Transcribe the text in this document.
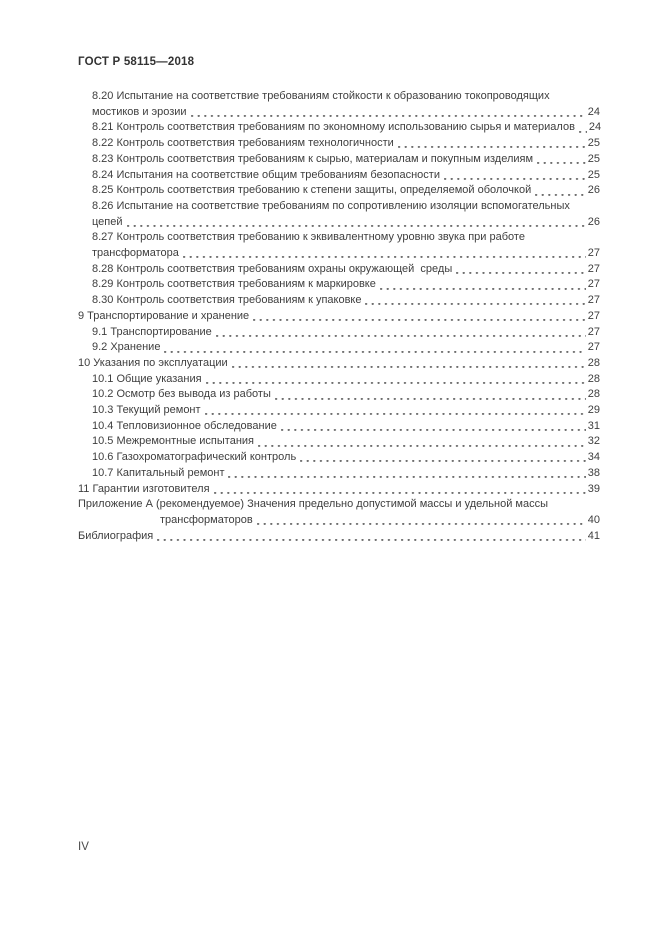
ГОСТ Р 58115—2018
8.20 Испытание на соответствие требованиям стойкости к образованию токопроводящих
мостиков и эрозии	24
8.21 Контроль соответствия требованиям по экономному использованию сырья и материалов 24
8.22 Контроль соответствия требованиям технологичности	25
8.23 Контроль соответствия требованиям к сырью, материалам и покупным изделиям	25
8.24 Испытания на соответствие общим требованиям безопасности	25
8.25 Контроль соответствия требованию к степени защиты, определяемой оболочкой	26
8.26 Испытание на соответствие требованиям по сопротивлению изоляции вспомогательных
цепей	26
8.27 Контроль соответствия требованию к эквивалентному уровню звука при работе
трансформатора	27
8.28 Контроль соответствия требованиям охраны окружающей  среды	27
8.29 Контроль соответствия требованиям к маркировке	27
8.30 Контроль соответствия требованиям к упаковке	27
9 Транспортирование и хранение	27
9.1 Транспортирование	27
9.2 Хранение	27
10 Указания по эксплуатации	28
10.1 Общие указания	28
10.2 Осмотр без вывода из работы	28
10.3 Текущий ремонт	29
10.4 Тепловизионное обследование	31
10.5 Межремонтные испытания	32
10.6 Газохроматографический контроль	34
10.7 Капитальный ремонт	38
11 Гарантии изготовителя	39
Приложение А (рекомендуемое) Значения предельно допустимой массы и удельной массы
трансформаторов	40
Библиография	41
IV
